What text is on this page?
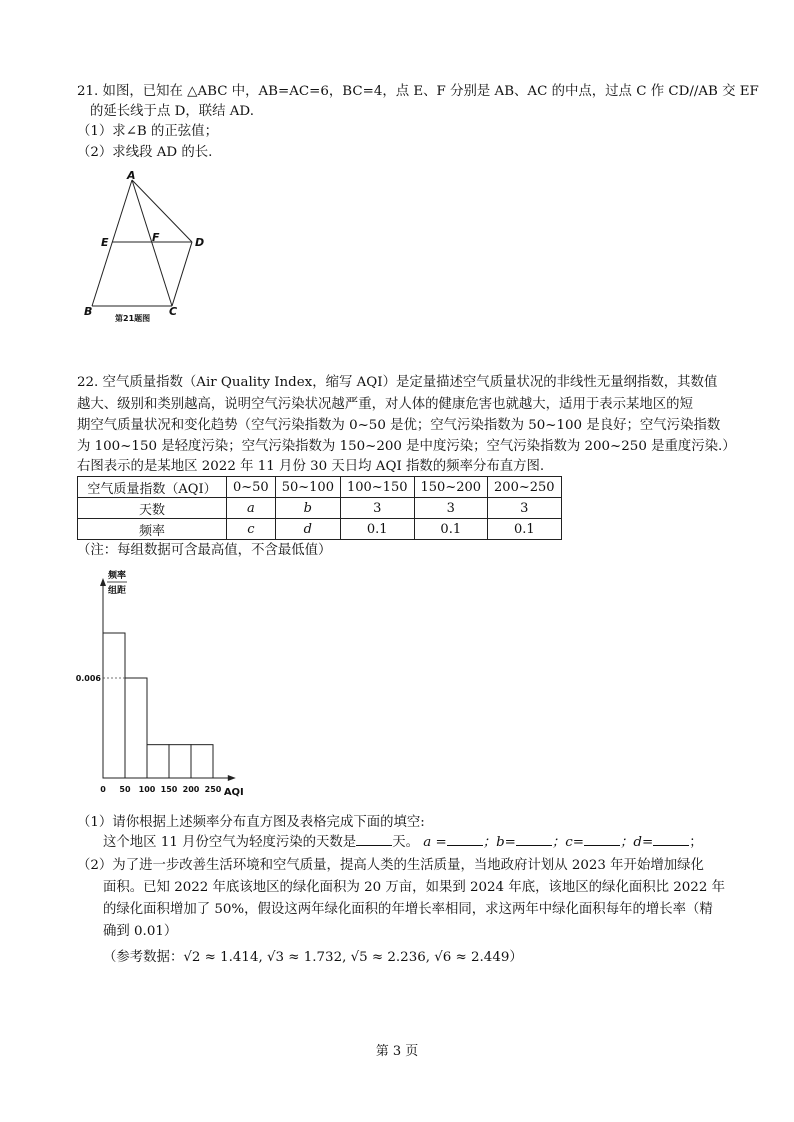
21. 如图，已知在 △ABC 中，AB=AC=6，BC=4，点 E、F 分别是 AB、AC 的中点，过点 C 作 CD//AB 交 EF
的延长线于点 D，联结 AD.
（1）求∠B 的正弦值；
（2）求线段 AD 的长.
A
E	F	D
B	C
第21题图
22. 空气质量指数（Air Quality Index，缩写 AQI）是定量描述空气质量状况的非线性无量纲指数，其数值
越大、级别和类别越高，说明空气污染状况越严重，对人体的健康危害也就越大，适用于表示某地区的短
期空气质量状况和变化趋势（空气污染指数为 0~50 是优；空气污染指数为 50~100 是良好；空气污染指数
为 100~150 是轻度污染；空气污染指数为 150~200 是中度污染；空气污染指数为 200~250 是重度污染.）
右图表示的是某地区 2022 年 11 月份 30 天日均 AQI 指数的频率分布直方图.
空气质量指数（AQI）	0~50	50~100	100~150	150~200	200~250
天数	a	b	3	3	3
频率	c	d	0.1	0.1	0.1
（注：每组数据可含最高值，不含最低值）
0.006
0 50 100 150 200 250 AQI
频率
组距
（1）请你根据上述频率分布直方图及表格完成下面的填空:
这个地区 11 月份空气为轻度污染的天数是	天。 a =	；b=	；c=	；d=	；
（2）为了进一步改善生活环境和空气质量，提高人类的生活质量，当地政府计划从 2023 年开始增加绿化
面积。已知 2022 年底该地区的绿化面积为 20 万亩，如果到 2024 年底，该地区的绿化面积比 2022 年
的绿化面积增加了 50%，假设这两年绿化面积的年增长率相同，求这两年中绿化面积每年的增长率（精
确到 0.01）
（参考数据：√2 ≈ 1.414, √3 ≈ 1.732, √5 ≈ 2.236, √6 ≈ 2.449）
第 3 页
